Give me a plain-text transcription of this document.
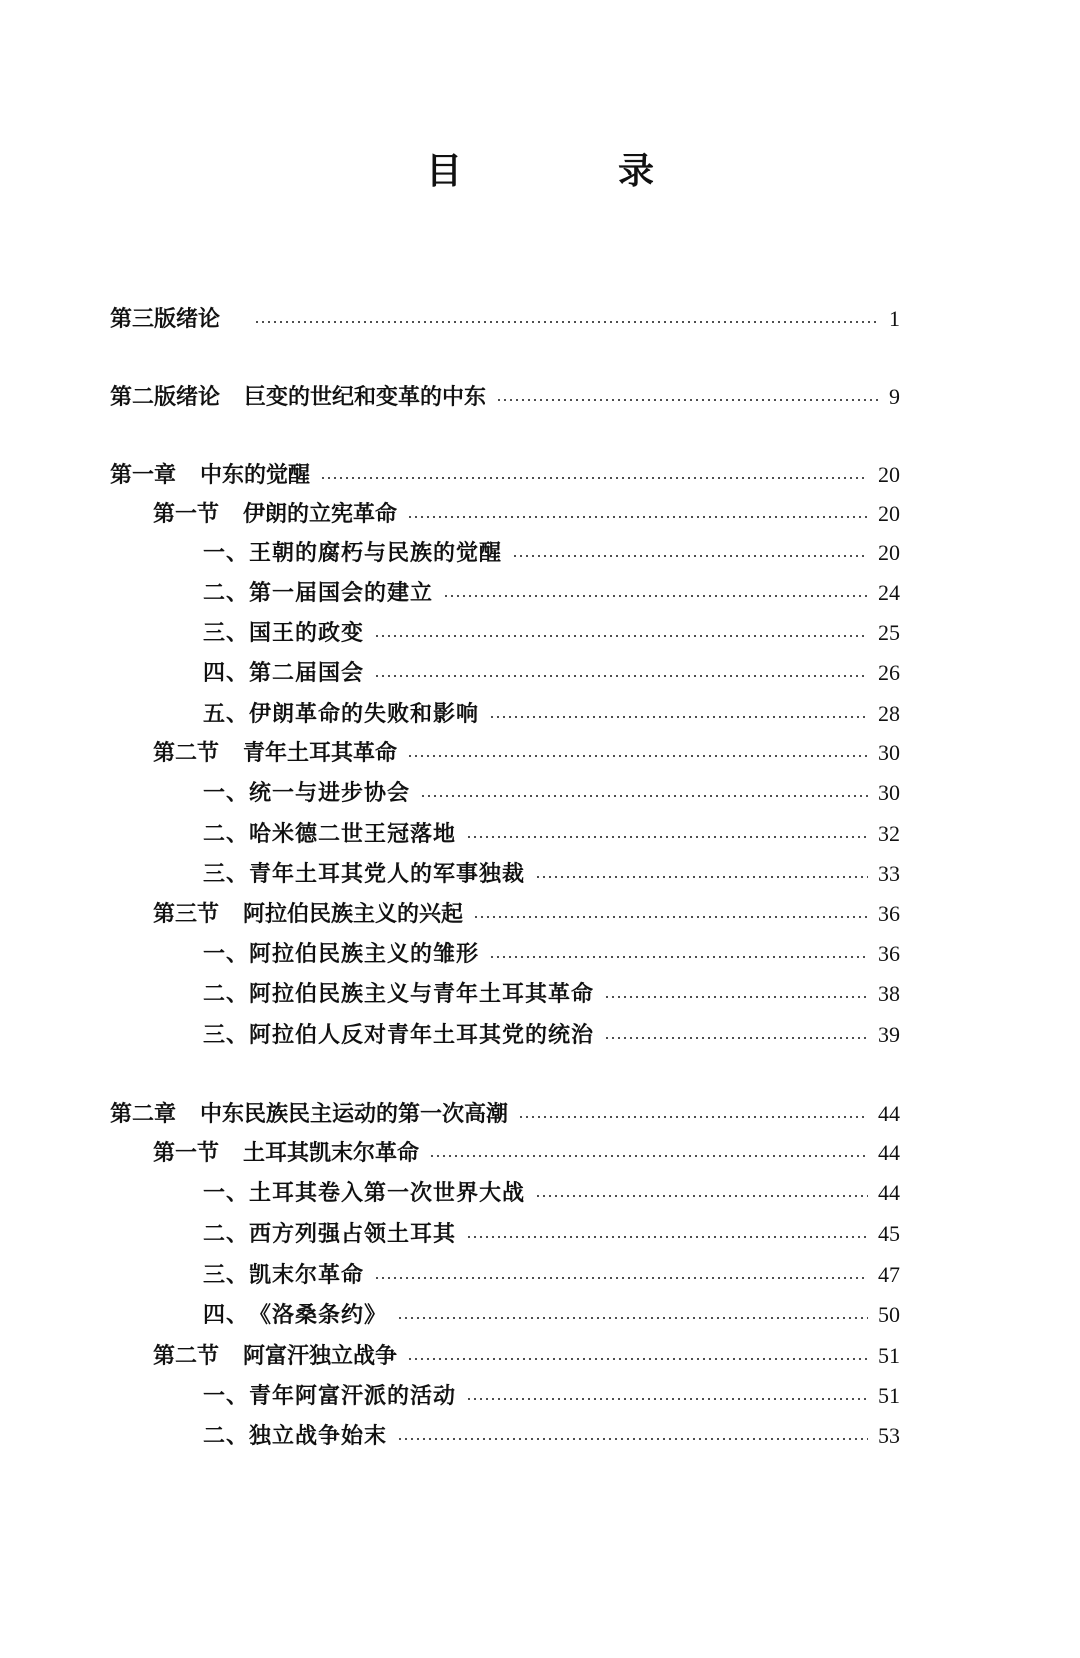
目　录
第三版绪论	1
第二版绪论 巨变的世纪和变革的中东	9
第一章 中东的觉醒	20
第一节 伊朗的立宪革命	20
一、 王朝的腐朽与民族的觉醒	20
二、 第一届国会的建立	24
三、 国王的政变	25
四、 第二届国会	26
五、 伊朗革命的失败和影响	28
第二节 青年土耳其革命	30
一、 统一与进步协会	30
二、 哈米德二世王冠落地	32
三、 青年土耳其党人的军事独裁	33
第三节 阿拉伯民族主义的兴起	36
一、 阿拉伯民族主义的雏形	36
二、 阿拉伯民族主义与青年土耳其革命	38
三、 阿拉伯人反对青年土耳其党的统治	39
第二章 中东民族民主运动的第一次高潮	44
第一节 土耳其凯末尔革命	44
一、 土耳其卷入第一次世界大战	44
二、 西方列强占领土耳其	45
三、 凯末尔革命	47
四、 《洛桑条约》	50
第二节 阿富汗独立战争	51
一、 青年阿富汗派的活动	51
二、 独立战争始末	53
